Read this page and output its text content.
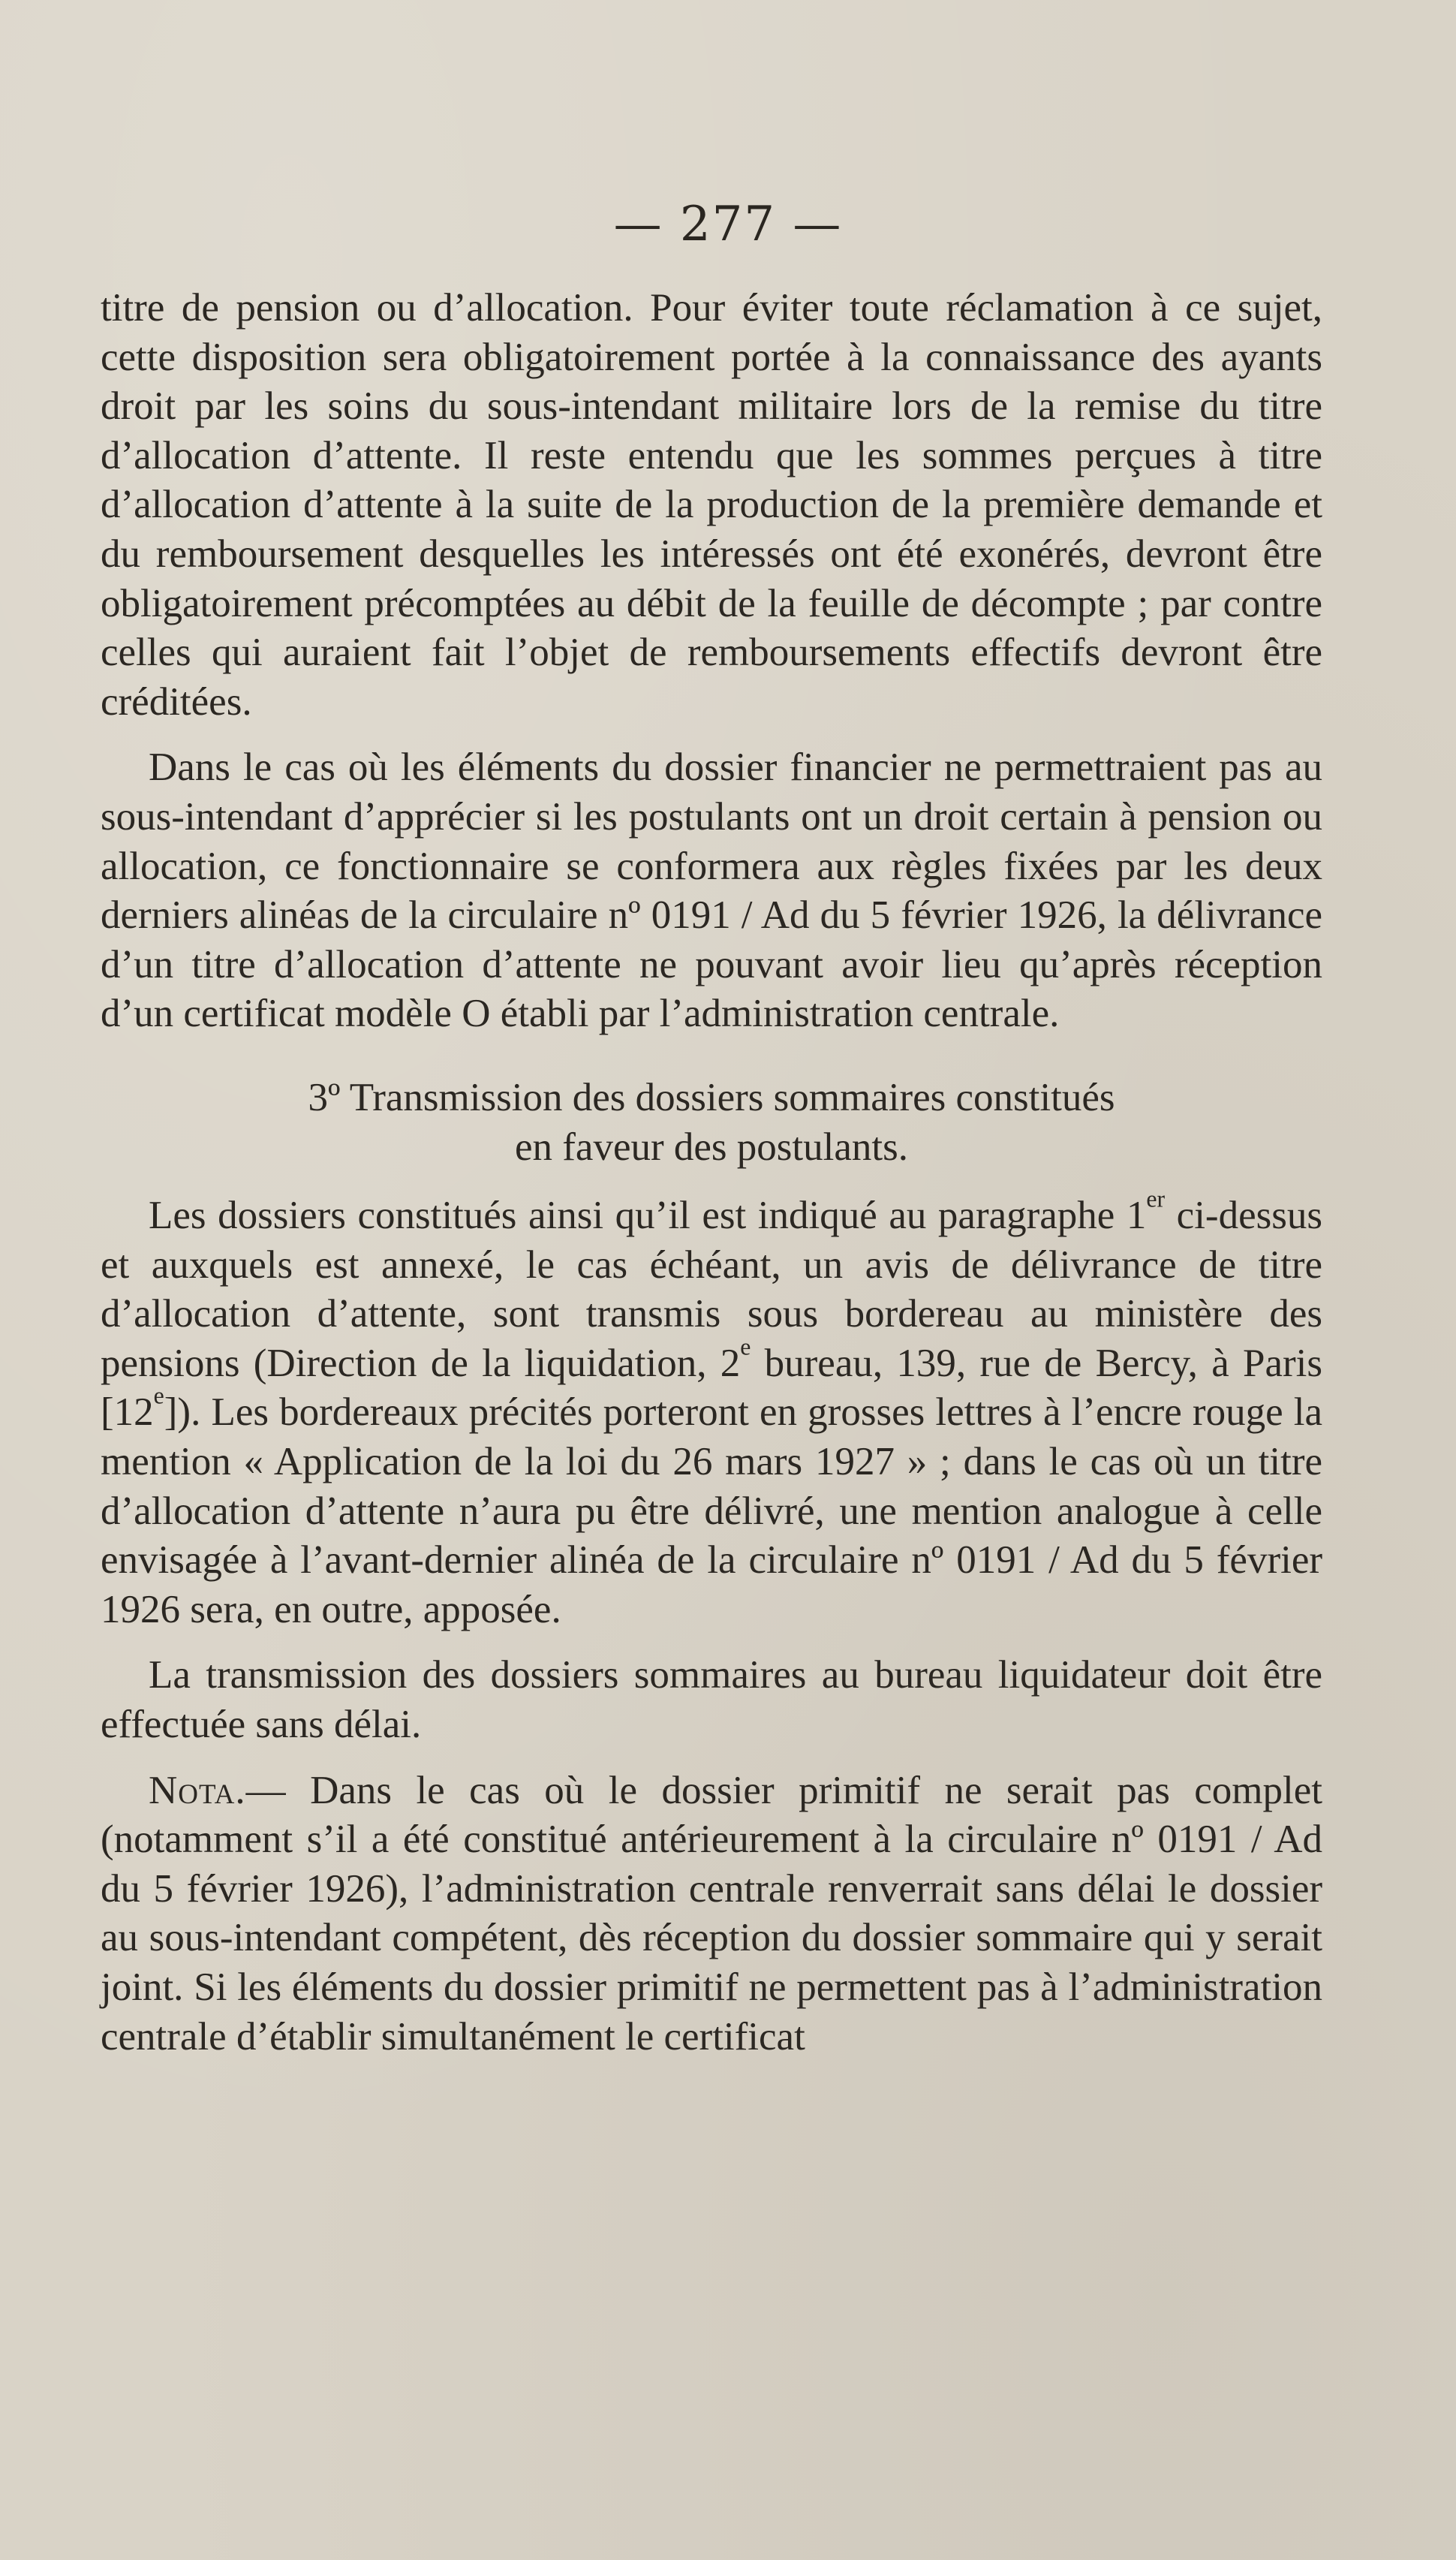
— 277 —

titre de pension ou d’allocation. Pour éviter toute réclamation à ce sujet, cette disposition sera obligatoirement portée à la connaissance des ayants droit par les soins du sous-intendant militaire lors de la remise du titre d’allocation d’attente. Il reste entendu que les sommes perçues à titre d’allocation d’attente à la suite de la production de la première demande et du remboursement desquelles les intéressés ont été exonérés, devront être obligatoirement précomptées au débit de la feuille de décompte ; par contre celles qui auraient fait l’objet de remboursements effectifs devront être créditées.

Dans le cas où les éléments du dossier financier ne permettraient pas au sous-intendant d’apprécier si les postulants ont un droit certain à pension ou allocation, ce fonctionnaire se conformera aux règles fixées par les deux derniers alinéas de la circulaire nº 0191 / Ad du 5 février 1926, la délivrance d’un titre d’allocation d’attente ne pouvant avoir lieu qu’après réception d’un certificat modèle O établi par l’administration centrale.

3º Transmission des dossiers sommaires constitués
en faveur des postulants.

Les dossiers constitués ainsi qu’il est indiqué au paragraphe 1er ci-dessus et auxquels est annexé, le cas échéant, un avis de délivrance de titre d’allocation d’attente, sont transmis sous bordereau au ministère des pensions (Direction de la liquidation, 2e bureau, 139, rue de Bercy, à Paris [12e]). Les bordereaux précités porteront en grosses lettres à l’encre rouge la mention « Application de la loi du 26 mars 1927 » ; dans le cas où un titre d’allocation d’attente n’aura pu être délivré, une mention analogue à celle envisagée à l’avant-dernier alinéa de la circulaire nº 0191 / Ad du 5 février 1926 sera, en outre, apposée.

La transmission des dossiers sommaires au bureau liquidateur doit être effectuée sans délai.

Nota.— Dans le cas où le dossier primitif ne serait pas complet (notamment s’il a été constitué antérieurement à la circulaire nº 0191 / Ad du 5 février 1926), l’administration centrale renverrait sans délai le dossier au sous-intendant compétent, dès réception du dossier sommaire qui y serait joint. Si les éléments du dossier primitif ne permettent pas à l’administration centrale d’établir simultanément le certificat
